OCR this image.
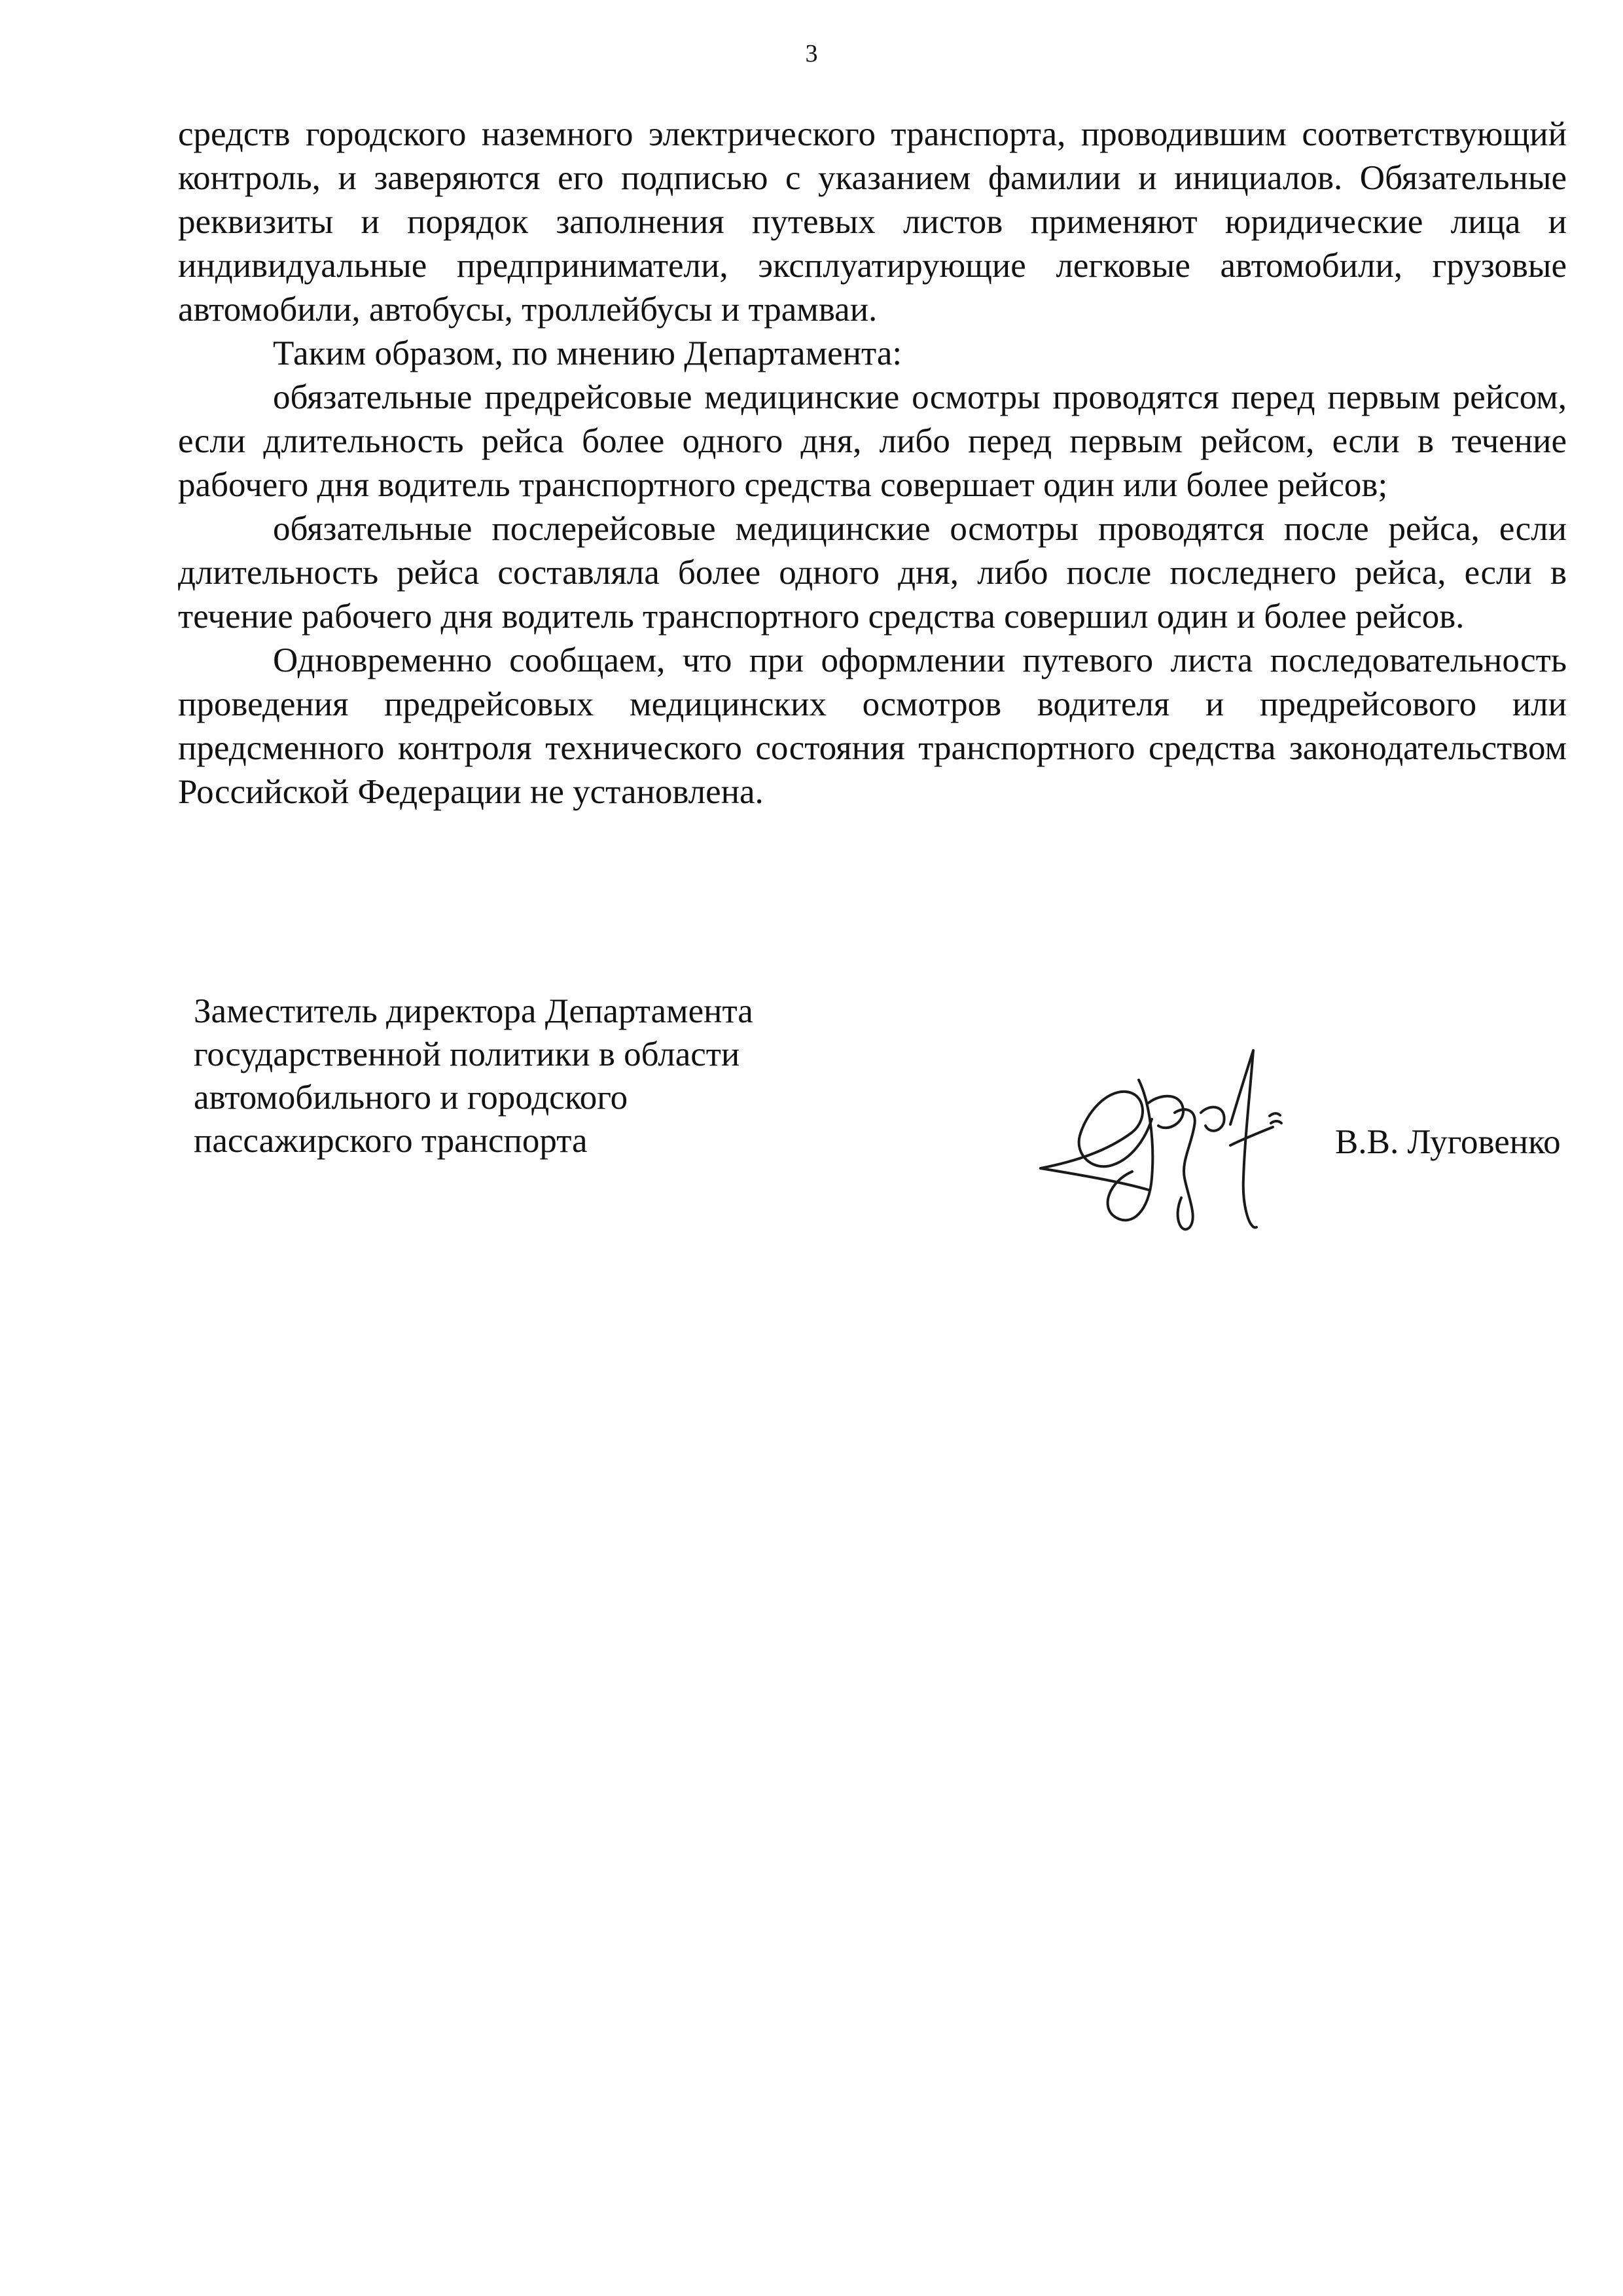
3

средств городского наземного электрического транспорта, проводившим соответствующий контроль, и заверяются его подписью с указанием фамилии и инициалов. Обязательные реквизиты и порядок заполнения путевых листов применяют юридические лица и индивидуальные предприниматели, эксплуатирующие легковые автомобили, грузовые автомобили, автобусы, троллейбусы и трамваи.

Таким образом, по мнению Департамента:

обязательные предрейсовые медицинские осмотры проводятся перед первым рейсом, если длительность рейса более одного дня, либо перед первым рейсом, если в течение рабочего дня водитель транспортного средства совершает один или более рейсов;

обязательные послерейсовые медицинские осмотры проводятся после рейса, если длительность рейса составляла более одного дня, либо после последнего рейса, если в течение рабочего дня водитель транспортного средства совершил один и более рейсов.

Одновременно сообщаем, что при оформлении путевого листа последовательность проведения предрейсовых медицинских осмотров водителя и предрейсового или предсменного контроля технического состояния транспортного средства законодательством Российской Федерации не установлена.

Заместитель директора Департамента
государственной политики в области
автомобильного и городского
пассажирского транспорта	В.В. Луговенко
